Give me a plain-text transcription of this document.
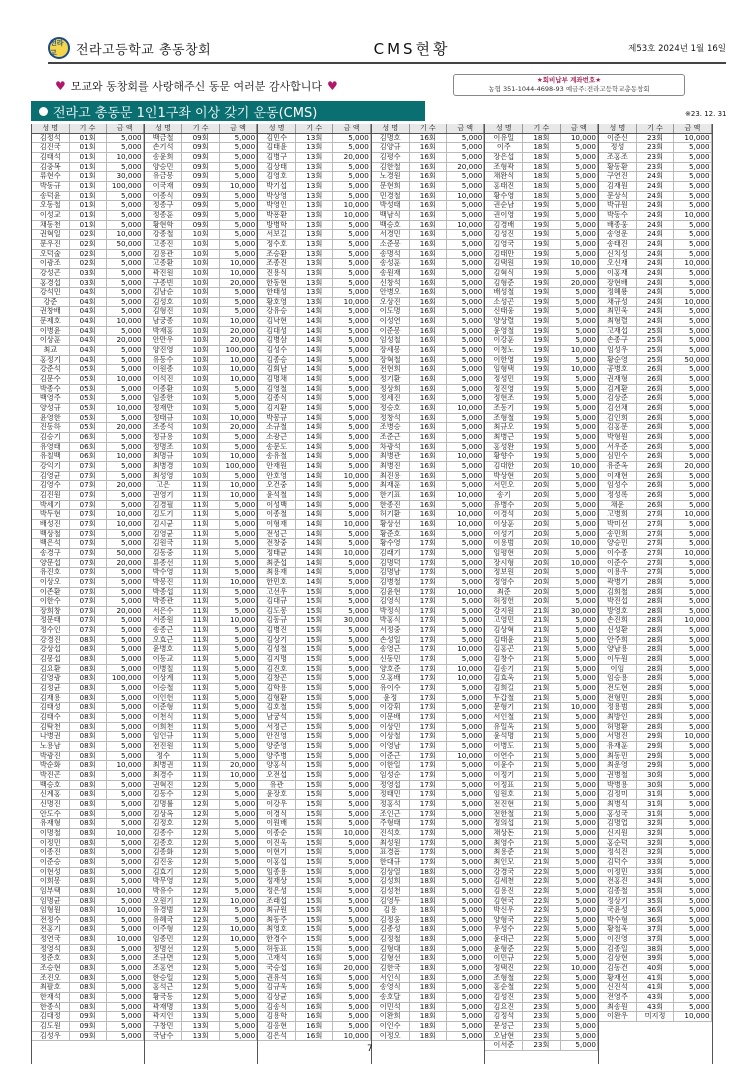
전라고	전라고등학교 총동창회	CMS현황	제53호 2024년 1월 16일
♥ 모교와 동창회를 사랑해주신 동문 여러분 감사합니다 ♥	★회비납부 계좌번호★
농협 351-1044-4698-93 예금주:전라고등학교총동창회
전라고 총동문 1인1구좌 이상 갖기 운동(CMS)	※23. 12. 31
성 명	기 수	금 액
김정석	01회	5,000
김진국	01회	5,000
김태석	01회	10,000
김충복	01회	5,000
류현수	01회	30,000
박동규	01회	100,000
송덕윤	01회	5,000
오동철	01회	5,000
이성교	01회	5,000
채동천	01회	5,000
권혁일	02회	10,000
문우진	02회	50,000
오덕술	02회	5,000
이광조	02회	5,000
강성곤	03회	5,000
홍경섭	03회	5,000
강석민	04회	5,000
강준	04회	5,000
권창배	04회	5,000
문제호	04회	10,000
이병윤	04회	5,000
이상훈	04회	20,000
최교	04회	5,000
홍정기	04회	5,000
강준석	05회	5,000
김문수	05회	10,000
박종수	05회	5,000
백영주	05회	5,000
양성규	05회	10,000
윤영한	05회	5,000
진동하	05회	20,000
김승기	06회	5,000
유영태	06회	5,000
유칠백	06회	10,000
강익기	07회	5,000
김영균	07회	5,000
김영수	07회	20,000
김진원	07회	5,000
박세기	07회	5,000
박두현	07회	10,000
배성진	07회	10,000
백상철	07회	5,000
백은석	07회	5,000
송경구	07회	50,000
양문섭	07회	20,000
유진호	07회	5,000
이상오	07회	5,000
이존환	07회	5,000
이한수	07회	5,000
장희창	07회	20,000
정문태	07회	5,000
정수인	07회	5,000
강경진	08회	5,000
강상섭	08회	5,000
김봉섭	08회	5,000
김요환	08회	5,000
김영광	08회	100,000
김정균	08회	5,000
김재용	08회	5,000
김태성	08회	5,000
김태수	08회	5,000
김탁천	08회	5,000
나병권	08회	5,000
노용남	08회	5,000
박광진	08회	5,000
박순화	08회	10,000
박진곤	08회	5,000
백승호	08회	5,000
신계홍	08회	5,000
신명진	08회	5,000
안도수	08회	5,000
유재형	08회	5,000
이명철	08회	10,000
이정민	08회	5,000
이종진	08회	5,000
이준승	08회	5,000
이현성	08회	5,000
이희봉	08회	5,000
임부택	08회	10,000
임명균	08회	5,000
임형원	08회	10,000
전정수	08회	5,000
전홍기	08회	5,000
정연국	08회	10,000
정영석	08회	5,000
정준호	08회	5,000
조승현	08회	5,000
조진오	08회	5,000
최팔호	08회	5,000
한재석	08회	5,000
한종식	08회	5,000
김대정	09회	5,000
김도원	09회	5,000
김성우	09회	5,000
성 명	기 수	금 액
백금철	09회	5,000
손기석	09회	5,000
송윤희	09회	5,000
양승민	09회	5,000
유금봉	09회	5,000
이국재	09회	10,000
이종식	09회	5,000
정종구	09회	5,000
정종훈	09회	5,000
황현학	09회	5,000
강종철	10회	5,000
고종진	10회	5,000
김용관	10회	5,000
고종환	10회	10,000
곽진원	10회	10,000
구종빈	10회	20,000
김남순	10회	5,000
김성호	10회	5,000
김형진	10회	5,000
남궁종	10회	10,000
박재홍	10회	20,000
안만우	10회	20,000
양진영	10회	100,000
유동수	10회	10,000
이원종	10회	10,000
이석진	10회	10,000
이종환	10회	5,000
임종한	10회	5,000
정재만	10회	5,000
정태규	10회	10,000
조종석	10회	20,000
정규용	10회	5,000
정명조	10회	5,000
최명규	10회	10,000
최병경	10회	100,000
최성영	10회	5,000
고은	11회	10,000
권영기	11회	10,000
김경필	11회	5,000
김도기	11회	5,000
김시균	11회	5,000
김영균	11회	5,000
김원국	11회	5,000
김동중	11회	5,000
류종선	11회	5,000
박수영	11회	5,000
박봉진	11회	10,000
박종섭	11회	5,000
박종관	11회	5,000
서은수	11회	5,000
서종원	11회	10,000
송종근	11회	5,000
오효근	11회	5,000
윤병호	11회	5,000
이동교	11회	5,000
이병칠	11회	5,000
이상계	11회	5,000
이승철	11회	5,000
이인헌	11회	5,000
이준형	11회	5,000
이천식	11회	5,000
이희천	11회	5,000
임인규	11회	5,000
전진원	11회	5,000
정수	11회	5,000
최병권	11회	20,000
최경수	11회	10,000
권혁진	12회	5,000
김동수	12회	5,000
김명률	12회	5,000
김상옥	12회	5,000
김정호	12회	5,000
김종수	12회	5,000
김종호	12회	5,000
김종화	12회	5,000
김진웅	12회	5,000
김효기	12회	5,000
박무영	12회	5,000
박유수	12회	5,000
오원기	12회	10,000
유경범	12회	5,000
유혜국	12회	5,000
이주형	12회	10,000
임종민	12회	10,000
정명선	12회	5,000
조규면	12회	5,000
조홍연	12회	5,000
한승일	12회	5,000
홍석근	12회	5,000
황국동	12회	5,000
곽재명	13회	5,000
곽지인	13회	5,000
구창민	13회	5,000
국남수	13회	5,000
성 명	기 수	금 액
김민수	13회	5,000
김태윤	13회	5,000
김병구	13회	20,000
김상태	13회	5,000
김영호	13회	5,000
박기섭	13회	5,000
박상영	13회	5,000
박영인	13회	10,000
박흥환	13회	10,000
방병학	13회	5,000
서보길	13회	5,000
정수호	13회	5,000
조승환	13회	5,000
조종진	13회	5,000
진용식	13회	5,000
한동현	13회	5,000
한태성	13회	5,000
황호영	13회	10,000
강유승	14회	5,000
김낙현	14회	5,000
김대성	14회	5,000
김병삼	14회	5,000
김성수	14회	5,000
김종승	14회	5,000
김회남	14회	5,000
김명채	14회	5,000
김영철	14회	5,000
김종식	14회	5,000
김지환	14회	5,000
박봉규	14회	5,000
소규철	14회	5,000
소광근	14회	5,000
송문도	14회	5,000
송유철	14회	5,000
안재원	14회	5,000
안호영	14회	10,000
오건중	14회	5,000
윤석철	14회	5,000
이성백	14회	5,000
이종철	14회	5,000
이형재	14회	10,000
전성근	14회	5,000
전창중	14회	5,000
정태균	14회	10,000
최춘섭	14회	5,000
최용재	14회	5,000
한민호	14회	5,000
고선우	15회	5,000
김대규	15회	5,000
김도봉	15회	5,000
김동규	15회	30,000
김병진	15회	5,000
김상기	15회	5,000
김성철	15회	5,000
김지명	15회	5,000
김진호	15회	5,000
김창곤	15회	5,000
김학용	15회	5,000
김형환	15회	5,000
김호철	15회	5,000
남궁석	15회	5,000
서정근	15회	5,000
안진영	15회	5,000
양준영	15회	5,000
양주병	15회	5,000
양홍식	15회	5,000
오전섭	15회	5,000
유관	15회	5,000
윤장호	15회	5,000
이강우	15회	5,000
이경식	15회	5,000
이원배	15회	5,000
이종순	15회	10,000
이진욱	15회	5,000
이현기	15회	5,000
이홍섭	15회	5,000
임종용	15회	5,000
정재상	15회	5,000
정은성	15회	5,000
조래섭	15회	5,000
최규원	15회	5,000
최동주	15회	5,000
최영호	15회	5,000
한경수	15회	5,000
허동표	15회	5,000
고재석	16회	5,000
국승섭	16회	20,000
권유석	16회	5,000
김규욱	16회	5,000
김상균	16회	5,000
김송식	16회	5,000
김용학	16회	5,000
김응현	16회	5,000
김은석	16회	10,000
성 명	기 수	금 액
김명호	16회	5,000
김양규	16회	5,000
김평수	16회	5,000
김한철	16회	20,000
노경원	16회	5,000
문현희	16회	5,000
민경철	16회	10,000
박성태	16회	5,000
백남식	16회	5,000
백승호	16회	10,000
서경민	16회	5,000
소준봉	16회	5,000
송명석	16회	5,000
송성훈	16회	5,000
송원재	16회	5,000
신창석	16회	5,000
안병오	16회	5,000
오상진	16회	5,000
이도명	16회	5,000
이성연	16회	5,000
이준봉	16회	5,000
임성철	16회	5,000
장세봉	16회	5,000
장혁철	16회	5,000
전현희	16회	5,000
정기환	16회	5,000
정상희	16회	5,000
정세진	16회	5,000
정승호	16회	10,000
정창석	16회	5,000
조병승	16회	5,000
조준근	16회	5,000
차광석	16회	5,000
최병관	16회	10,000
최병진	16회	5,000
최진용	16회	5,000
최재훈	16회	5,000
한기표	16회	10,000
한종진	16회	5,000
허기환	16회	10,000
황상선	16회	10,000
황준호	16회	5,000
황수영	17회	5,000
김래기	17회	5,000
김명덕	17회	5,000
김명남	17회	5,000
김병철	17회	5,000
김윤현	17회	10,000
김영식	17회	5,000
박정식	17회	5,000
박홍식	17회	5,000
서정중	17회	5,000
손성일	17회	5,000
송영근	17회	10,000
신동민	17회	5,000
양호준	17회	10,000
오홍배	17회	10,000
유이수	17회	5,000
윤정	17회	5,000
이강휘	17회	5,000
이문배	17회	5,000
이상민	17회	5,000
이상철	17회	5,000
이영남	17회	5,000
이준근	17회	10,000
이한일	17회	5,000
임성순	17회	5,000
정영섭	17회	5,000
정태민	17회	5,000
정홍석	17회	5,000
조인근	17회	5,000
주형태	17회	5,000
진석호	17회	5,000
최성원	17회	5,000
표경흠	17회	5,000
한대규	17회	5,000
김상열	18회	5,000
김성희	18회	5,000
김성천	18회	5,000
김영두	18회	5,000
김용	18회	5,000
김정웅	18회	5,000
김종성	18회	5,000
김정철	18회	5,000
김형대	18회	5,000
김형선	18회	5,000
김한국	18회	5,000
서인식	18회	5,000
송영식	18회	5,000
송호달	18회	5,000
이민석	18회	5,000
이완희	18회	5,000
이인수	18회	5,000
이정오	18회	5,000
성 명	기 수	금 액
이유일	18회	10,000
이주	18회	5,000
장은섭	18회	5,000
조형곽	18회	5,000
채완식	18회	5,000
홍태진	18회	5,000
황수영	18회	5,000
권순남	19회	5,000
권이영	19회	5,000
김경배	19회	5,000
김성진	19회	5,000
김영국	19회	5,000
김태만	19회	5,000
김택원	19회	10,000
김혁식	19회	5,000
김형준	19회	20,000
배성철	19회	5,000
소성곤	19회	5,000
신태웅	19회	5,000
양상렬	19회	5,000
윤영철	19회	5,000
이강훈	19회	5,000
이청노	19회	10,000
이한영	19회	5,000
임형택	19회	10,000
정성민	19회	5,000
정진영	19회	5,000
정현조	19회	5,000
조동기	19회	5,000
조형철	19회	5,000
최규오	19회	5,000
최병근	19회	5,000
홍성완	19회	5,000
황향수	19회	5,000
김대한	20회	10,000
박상현	20회	5,000
서민오	20회	5,000
송기	20회	5,000
유병수	20회	5,000
이경석	20회	5,000
이상훈	20회	5,000
이성기	20회	5,000
이용범	20회	10,000
임평현	20회	5,000
장시형	20회	10,000
정보원	20회	5,000
정영수	20회	5,000
최준	20회	5,000
허정헌	20회	5,000
강지원	21회	30,000
고영민	21회	5,000
김상혁	21회	5,000
김태윤	21회	5,000
김홍곤	21회	5,000
김창수	21회	5,000
김송기	21회	5,000
김효욱	21회	5,000
김희길	21회	5,000
두갑철	21회	5,000
문형기	21회	10,000
서인철	21회	5,000
유일욱	21회	5,000
윤석명	21회	5,000
이병도	21회	5,000
이연수	21회	5,000
이윤수	21회	5,000
이정기	21회	5,000
이정표	21회	5,000
임원호	21회	5,000
전진현	21회	5,000
전한철	21회	5,000
정의섭	21회	5,000
채상돈	21회	5,000
최영수	21회	5,000
최용준	21회	5,000
최인모	21회	5,000
강경국	22회	5,000
김세천	22회	5,000
김용진	22회	5,000
김현국	22회	5,000
박신우	22회	5,000
양형국	22회	5,000
우성수	22회	5,000
윤대근	22회	5,000
윤형준	22회	5,000
이민규	22회	5,000
정택진	22회	10,000
조형철	22회	5,000
홍순철	22회	5,000
김성진	23회	5,000
김요진	23회	5,000
김정석	23회	5,000
문성근	23회	5,000
오남현	23회	5,000
이서준	23회	5,000
성 명	기 수	금 액
이준신	23회	10,000
정성	23회	5,000
조홍조	23회	5,000
황동환	23회	5,000
구연진	24회	5,000
김재원	24회	5,000
문상식	24회	5,000
박규원	24회	5,000
박동수	24회	10,000
배종웅	24회	5,000
송영운	24회	5,000
송태진	24회	5,000
신치성	24회	5,000
오신재	24회	10,000
이홍재	24회	5,000
장현배	24회	5,000
정혜룡	24회	5,000
채규성	24회	10,000
최민욱	24회	5,000
최형렬	24회	5,000
고재섭	25회	5,000
손종구	25회	5,000
임성우	25회	5,000
황순영	25회	50,000
공병호	26회	5,000
권재형	26회	5,000
김계환	26회	5,000
김상준	26회	5,000
김선채	26회	5,000
김인희	26회	5,000
김홍문	26회	5,000
박형원	26회	5,000
서우준	26회	5,000
심민수	26회	5,000
유준옥	26회	20,000
이재현	26회	5,000
임성수	26회	5,000
정성록	26회	5,000
채운	26회	5,000
고병희	27회	10,000
박미선	27회	5,000
송민희	27회	5,000
양승민	27회	5,000
이수종	27회	10,000
이준수	27회	5,000
이용우	27회	5,000
곽병기	28회	5,000
김희철	28회	5,000
박진섭	28회	5,000
방영호	28회	5,000
손진희	28회	10,000
신성환	28회	5,000
안주희	28회	5,000
양남용	28회	5,000
이두원	28회	5,000
이임	28회	5,000
임승용	28회	5,000
전도현	28회	5,000
전형민	28회	5,000
정용범	28회	5,000
최방인	28회	5,000
허명환	28회	5,000
서명진	29회	10,000
유재훈	29회	5,000
최동민	29회	5,000
최운영	29회	5,000
권병철	30회	5,000
박병용	30회	5,000
김정미	31회	5,000
최병석	31회	5,000
홍성국	31회	5,000
김명업	32회	5,000
신지원	32회	5,000
홍순덕	32회	5,000
정석진	32회	5,000
김덕수	33회	5,000
이정민	33회	5,000
전홍진	34회	5,000
김종철	35회	5,000
정상기	35회	5,000
국윤성	36회	5,000
박수형	36회	5,000
황철욱	37회	5,000
이진영	37회	5,000
김종일	38회	5,000
김상현	39회	5,000
김동건	40회	5,000
황재선	41회	5,000
신진석	41회	5,000
전영주	43회	5,000
최송원	43회	5,000
이완우	미지정	10,000
7
